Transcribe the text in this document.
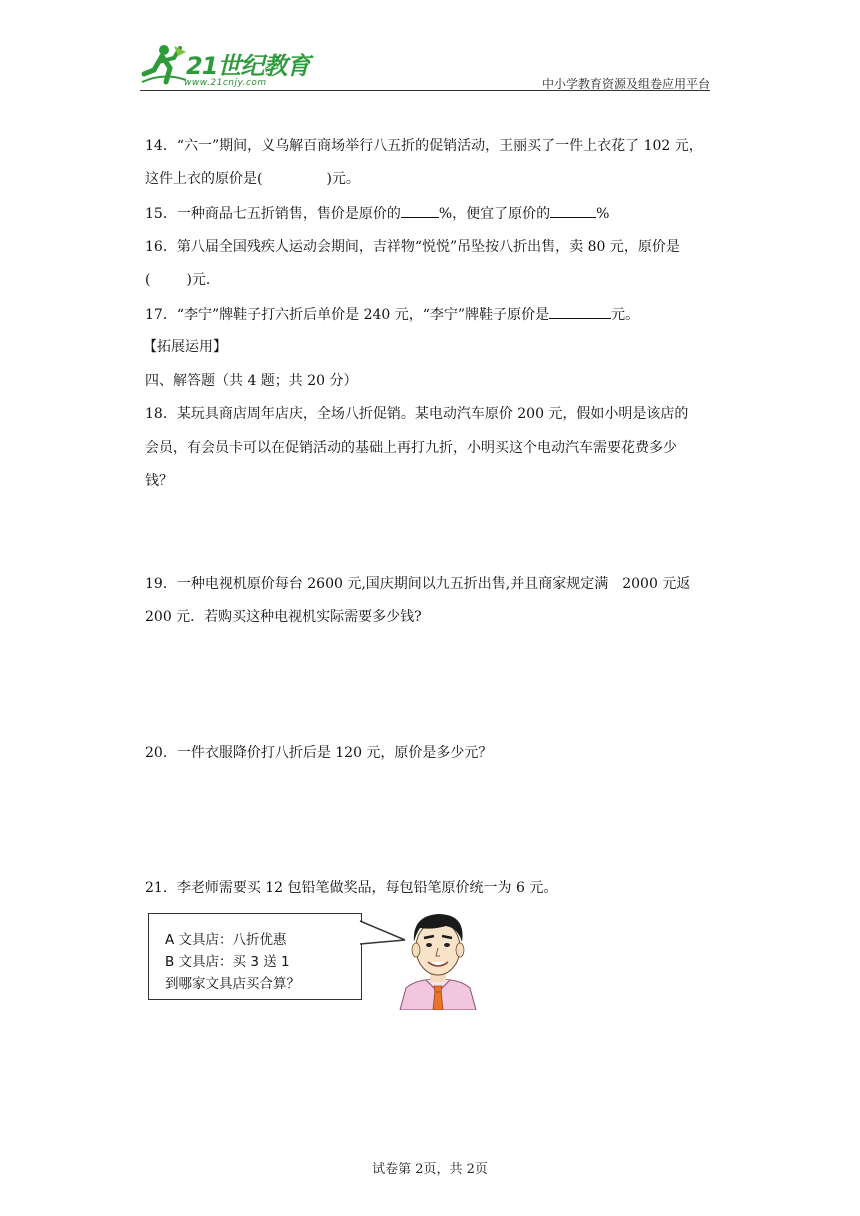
21世纪教育
www.21cnjy.com	中小学教育资源及组卷应用平台
14．“六一”期间，义乌解百商场举行八五折的促销活动，王丽买了一件上衣花了 102 元，
这件上衣的原价是(	)元。
15．一种商品七五折销售，售价是原价的	%，便宜了原价的	%
16．第八届全国残疾人运动会期间，吉祥物“悦悦”吊坠按八折出售，卖 80 元，原价是
(	)元．
17．“李宁”牌鞋子打六折后单价是 240 元，“李宁”牌鞋子原价是	元。
【拓展运用】
四、解答题（共 4 题；共 20 分）
18．某玩具商店周年店庆，全场八折促销。某电动汽车原价 200 元，假如小明是该店的
会员，有会员卡可以在促销活动的基础上再打九折，小明买这个电动汽车需要花费多少
钱？
19．一种电视机原价每台 2600 元,国庆期间以九五折出售,并且商家规定满　2000 元返
200 元．若购买这种电视机实际需要多少钱?
20．一件衣服降价打八折后是 120 元，原价是多少元？
21．李老师需要买 12 包铅笔做奖品，每包铅笔原价统一为 6 元。
A 文具店：八折优惠
B 文具店：买 3 送 1
到哪家文具店买合算？
试卷第 2页，共 2页
